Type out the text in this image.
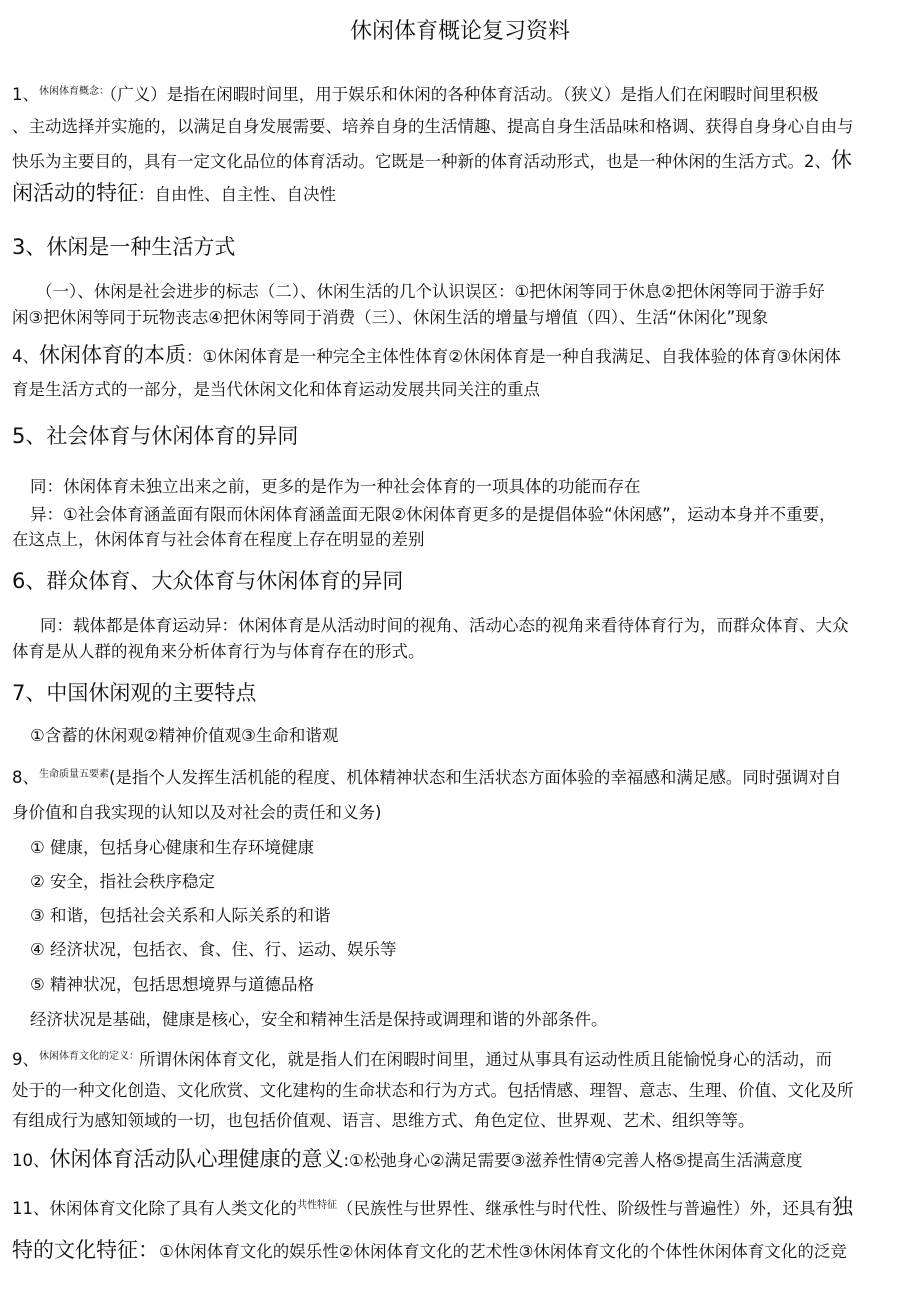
休闲体育概论复习资料
1、$^{休闲体育概念:}$（广义）是指在闲暇时间里，用于娱乐和休闲的各种体育活动。（狭义）是指人们在闲暇时间里积极
、主动选择并实施的，以满足自身发展需要、培养自身的生活情趣、提高自身生活品味和格调、获得自身身心自由与
快乐为主要目的，具有一定文化品位的体育活动。它既是一种新的体育活动形式，也是一种休闲的生活方式。2、休
闲活动的特征：自由性、自主性、自决性
3、休闲是一种生活方式
（一）、休闲是社会进步的标志（二）、休闲生活的几个认识误区：①把休闲等同于休息②把休闲等同于游手好
闲③把休闲等同于玩物丧志④把休闲等同于消费（三）、休闲生活的增量与增值（四）、生活“休闲化”现象
4、休闲体育的本质：①休闲体育是一种完全主体性体育②休闲体育是一种自我满足、自我体验的体育③休闲体
育是生活方式的一部分，是当代休闲文化和体育运动发展共同关注的重点
5、社会体育与休闲体育的异同
同：休闲体育未独立出来之前，更多的是作为一种社会体育的一项具体的功能而存在
异：①社会体育涵盖面有限而休闲体育涵盖面无限②休闲体育更多的是提倡体验“休闲感”，运动本身并不重要，
在这点上，休闲体育与社会体育在程度上存在明显的差别
6、群众体育、大众体育与休闲体育的异同
同：载体都是体育运动异：休闲体育是从活动时间的视角、活动心态的视角来看待体育行为，而群众体育、大众
体育是从人群的视角来分析体育行为与体育存在的形式。
7、中国休闲观的主要特点
①含蓄的休闲观②精神价值观③生命和谐观
8、$^{生命质量五要素}$(是指个人发挥生活机能的程度、机体精神状态和生活状态方面体验的幸福感和满足感。同时强调对自
身价值和自我实现的认知以及对社会的责任和义务)
① 健康，包括身心健康和生存环境健康
② 安全，指社会秩序稳定
③ 和谐，包括社会关系和人际关系的和谐
④ 经济状况，包括衣、食、住、行、运动、娱乐等
⑤ 精神状况，包括思想境界与道德品格
经济状况是基础，健康是核心，安全和精神生活是保持或调理和谐的外部条件。
9、$^{休闲体育文化的定义:}$所谓休闲体育文化，就是指人们在闲暇时间里，通过从事具有运动性质且能愉悦身心的活动，而
处于的一种文化创造、文化欣赏、文化建构的生命状态和行为方式。包括情感、理智、意志、生理、价值、文化及所
有组成行为感知领域的一切，也包括价值观、语言、思维方式、角色定位、世界观、艺术、组织等等。
10、休闲体育活动队心理健康的意义:①松弛身心②满足需要③滋养性情④完善人格⑤提高生活满意度
11、休闲体育文化除了具有人类文化的$^{共性特征}$（民族性与世界性、继承性与时代性、阶级性与普遍性）外，还具有独
特的文化特征：①休闲体育文化的娱乐性②休闲体育文化的艺术性③休闲体育文化的个体性休闲体育文化的泛竞
